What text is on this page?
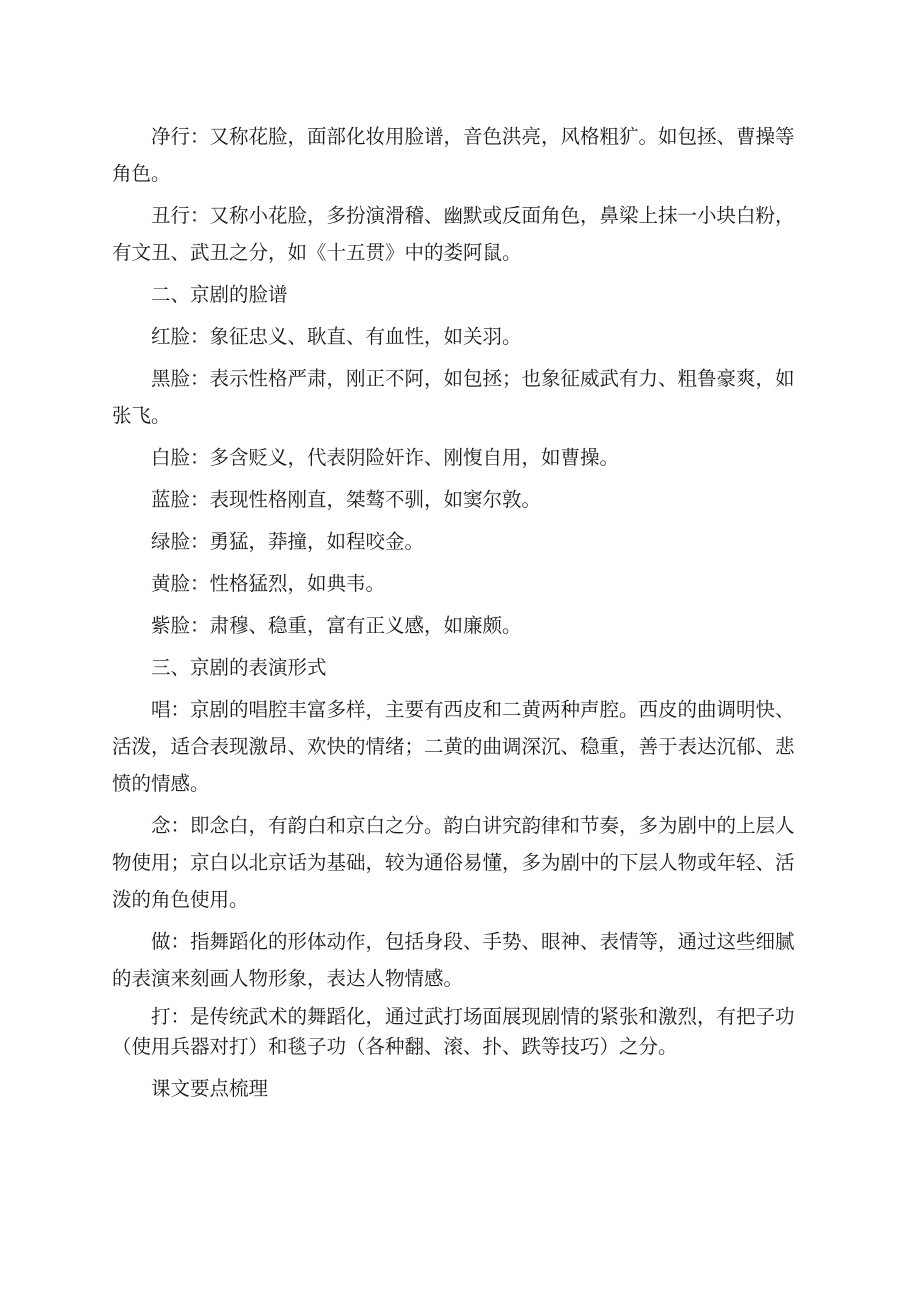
净行：又称花脸，面部化妆用脸谱，音色洪亮，风格粗犷。如包拯、曹操等角色。

丑行：又称小花脸，多扮演滑稽、幽默或反面角色，鼻梁上抹一小块白粉，有文丑、武丑之分，如《十五贯》中的娄阿鼠。

二、京剧的脸谱

红脸：象征忠义、耿直、有血性，如关羽。

黑脸：表示性格严肃，刚正不阿，如包拯；也象征威武有力、粗鲁豪爽，如张飞。

白脸：多含贬义，代表阴险奸诈、刚愎自用，如曹操。

蓝脸：表现性格刚直，桀骜不驯，如窦尔敦。

绿脸：勇猛，莽撞，如程咬金。

黄脸：性格猛烈，如典韦。

紫脸：肃穆、稳重，富有正义感，如廉颇。

三、京剧的表演形式

唱：京剧的唱腔丰富多样，主要有西皮和二黄两种声腔。西皮的曲调明快、活泼，适合表现激昂、欢快的情绪；二黄的曲调深沉、稳重，善于表达沉郁、悲愤的情感。

念：即念白，有韵白和京白之分。韵白讲究韵律和节奏，多为剧中的上层人物使用；京白以北京话为基础，较为通俗易懂，多为剧中的下层人物或年轻、活泼的角色使用。

做：指舞蹈化的形体动作，包括身段、手势、眼神、表情等，通过这些细腻的表演来刻画人物形象，表达人物情感。

打：是传统武术的舞蹈化，通过武打场面展现剧情的紧张和激烈，有把子功（使用兵器对打）和毯子功（各种翻、滚、扑、跌等技巧）之分。

课文要点梳理
